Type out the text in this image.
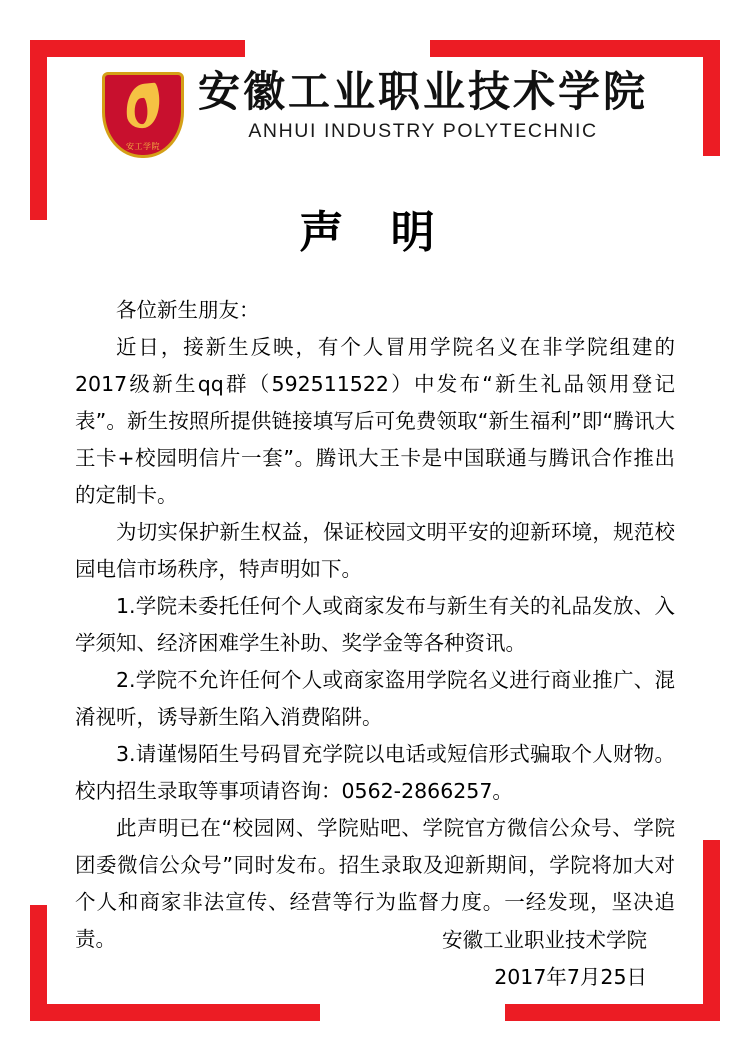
安工学院
安徽工业职业技术学院
ANHUI INDUSTRY POLYTECHNIC
声 明

各位新生朋友：

近日，接新生反映，有个人冒用学院名义在非学院组建的2017级新生qq群（592511522）中发布“新生礼品领用登记表”。新生按照所提供链接填写后可免费领取“新生福利”即“腾讯大王卡+校园明信片一套”。腾讯大王卡是中国联通与腾讯合作推出的定制卡。

为切实保护新生权益，保证校园文明平安的迎新环境，规范校园电信市场秩序，特声明如下。

1.学院未委托任何个人或商家发布与新生有关的礼品发放、入学须知、经济困难学生补助、奖学金等各种资讯。

2.学院不允许任何个人或商家盗用学院名义进行商业推广、混淆视听，诱导新生陷入消费陷阱。

3.请谨惕陌生号码冒充学院以电话或短信形式骗取个人财物。校内招生录取等事项请咨询：0562-2866257。

此声明已在“校园网、学院贴吧、学院官方微信公众号、学院团委微信公众号”同时发布。招生录取及迎新期间，学院将加大对个人和商家非法宣传、经营等行为监督力度。一经发现，坚决追责。	安徽工业职业技术学院
2017年7月25日
